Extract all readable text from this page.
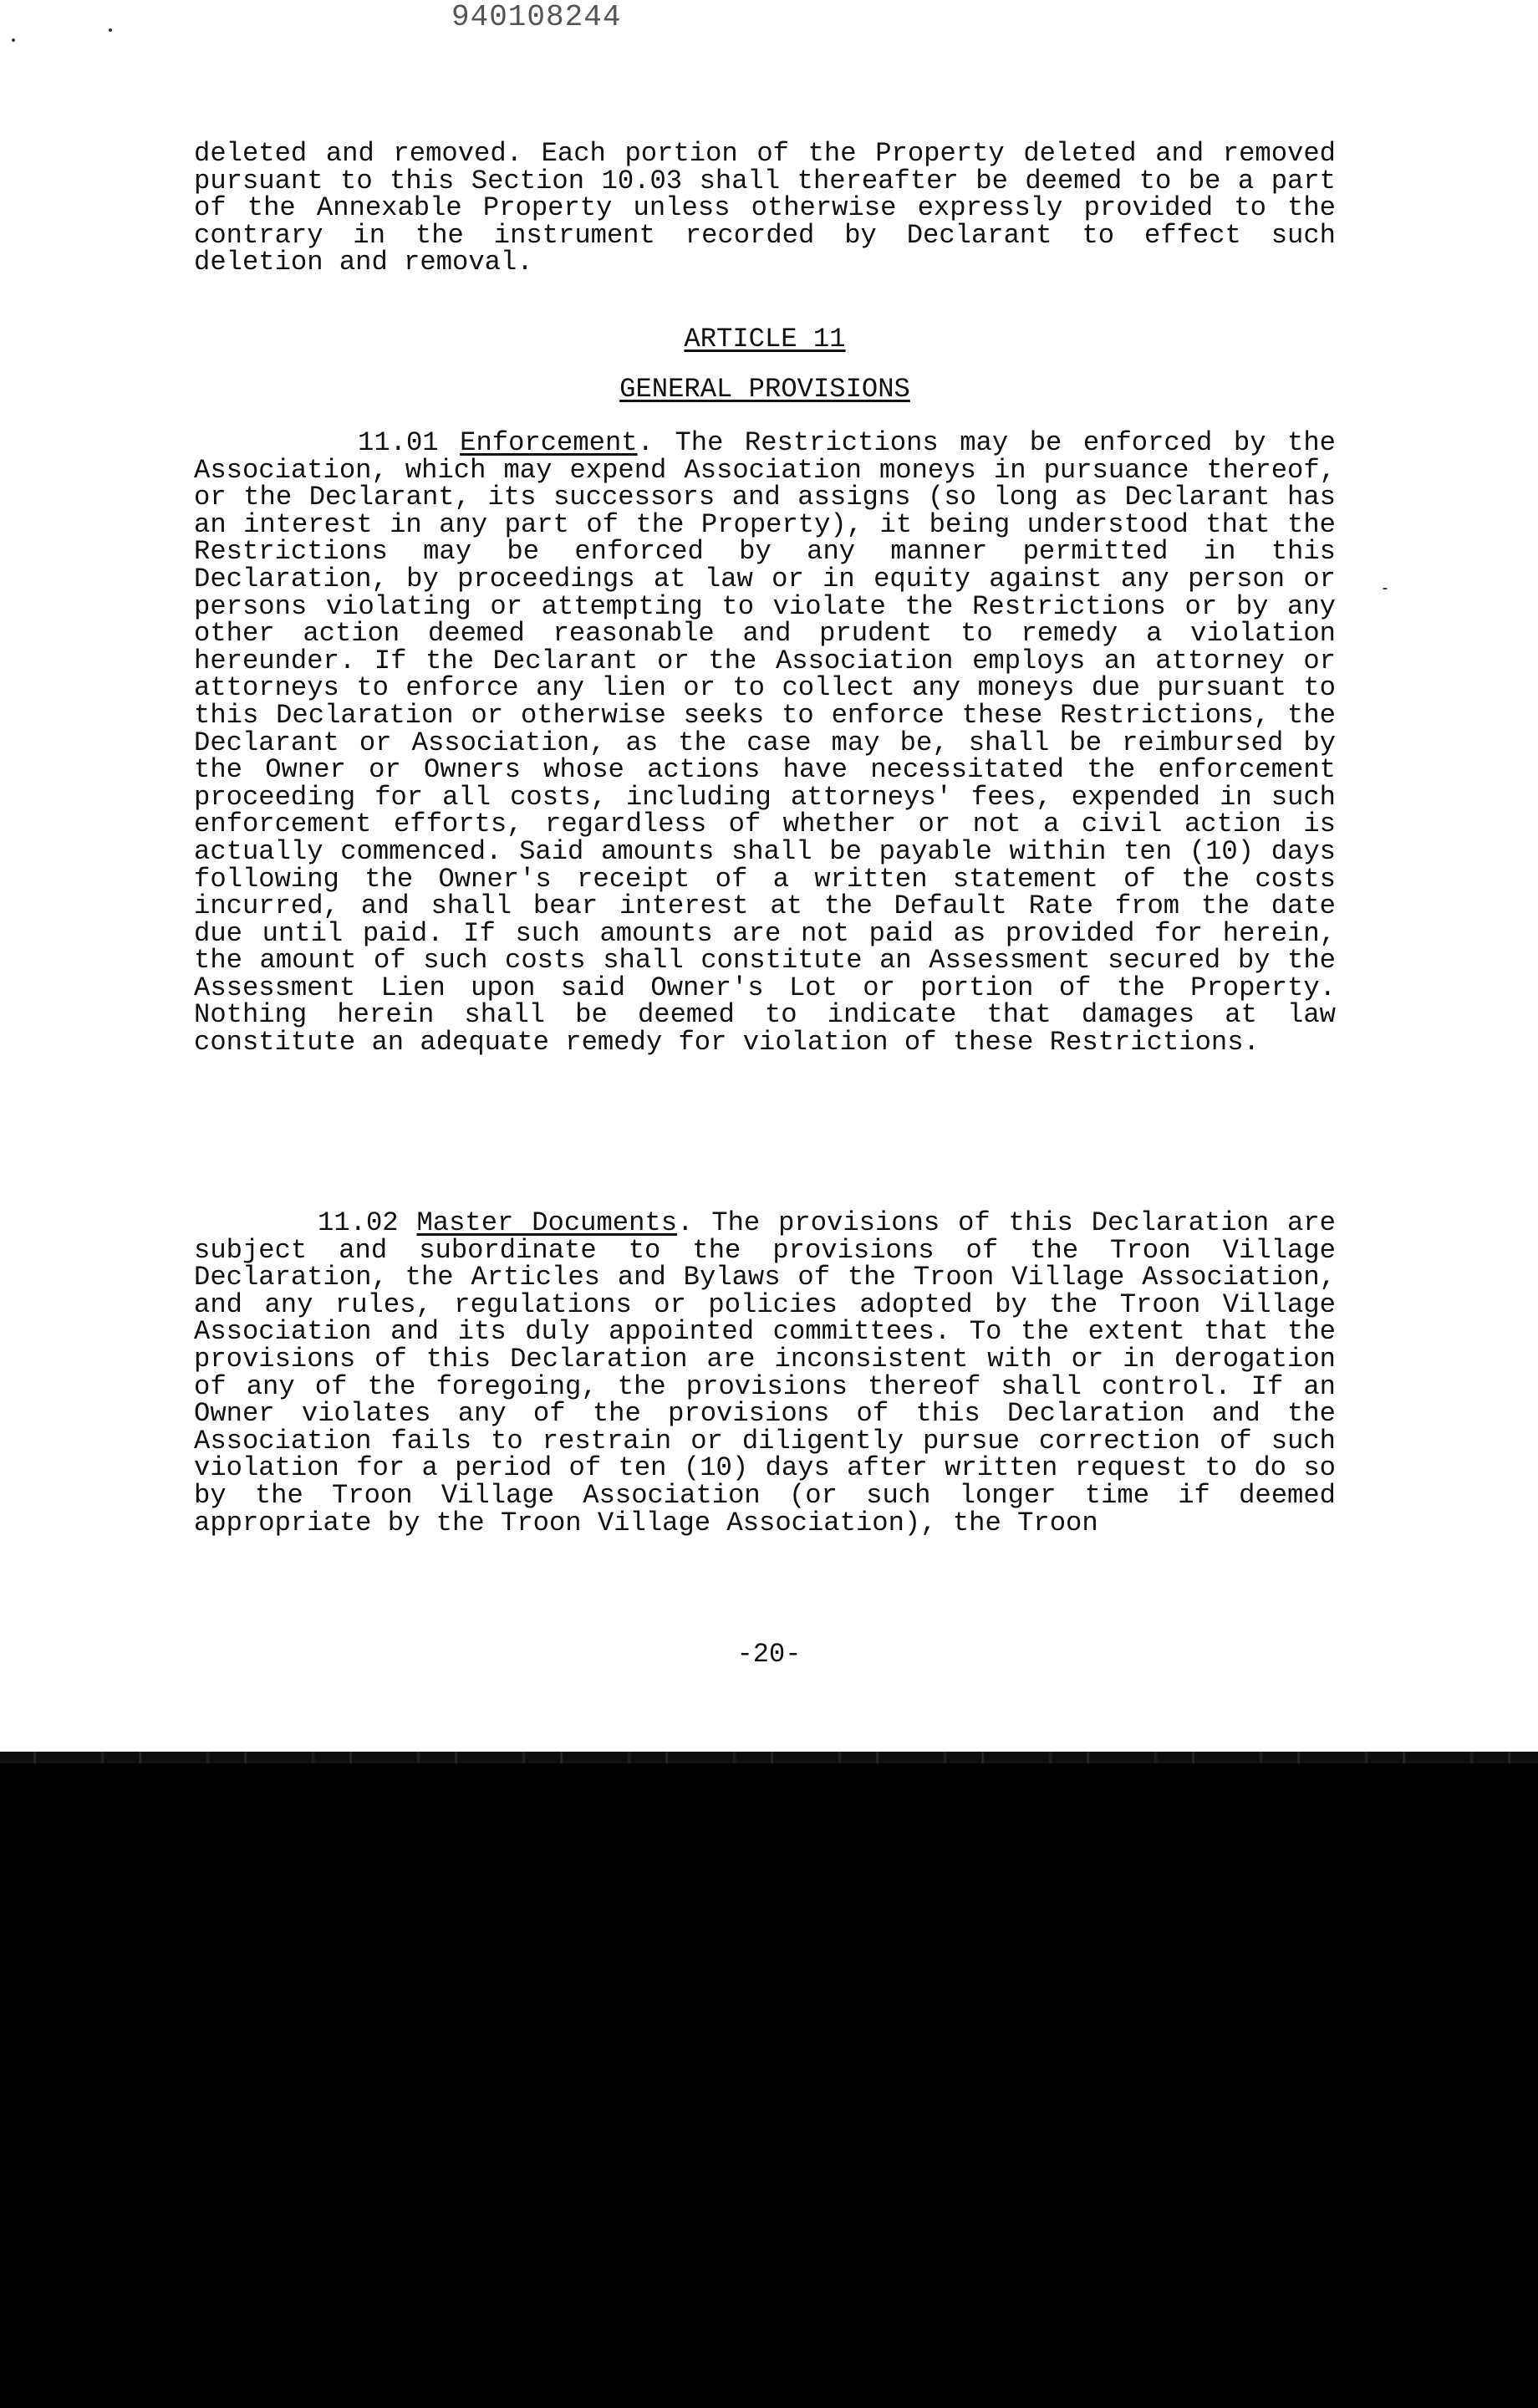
940108244

deleted and removed. Each portion of the Property deleted and removed pursuant to this Section 10.03 shall thereafter be deemed to be a part of the Annexable Property unless otherwise expressly provided to the contrary in the instrument recorded by Declarant to effect such deletion and removal.

ARTICLE 11

GENERAL PROVISIONS

11.01 Enforcement. The Restrictions may be enforced by the Association, which may expend Association moneys in pursuance thereof, or the Declarant, its successors and assigns (so long as Declarant has an interest in any part of the Property), it being understood that the Restrictions may be enforced by any manner permitted in this Declaration, by proceedings at law or in equity against any person or persons violating or attempting to violate the Restrictions or by any other action deemed reasonable and prudent to remedy a violation hereunder. If the Declarant or the Association employs an attorney or attorneys to enforce any lien or to collect any moneys due pursuant to this Declaration or otherwise seeks to enforce these Restrictions, the Declarant or Association, as the case may be, shall be reimbursed by the Owner or Owners whose actions have necessitated the enforcement proceeding for all costs, including attorneys' fees, expended in such enforcement efforts, regardless of whether or not a civil action is actually commenced. Said amounts shall be payable within ten (10) days following the Owner's receipt of a written statement of the costs incurred, and shall bear interest at the Default Rate from the date due until paid. If such amounts are not paid as provided for herein, the amount of such costs shall constitute an Assessment secured by the Assessment Lien upon said Owner's Lot or portion of the Property. Nothing herein shall be deemed to indicate that damages at law constitute an adequate remedy for violation of these Restrictions.

11.02 Master Documents. The provisions of this Declaration are subject and subordinate to the provisions of the Troon Village Declaration, the Articles and Bylaws of the Troon Village Association, and any rules, regulations or policies adopted by the Troon Village Association and its duly appointed committees. To the extent that the provisions of this Declaration are inconsistent with or in derogation of any of the foregoing, the provisions thereof shall control. If an Owner violates any of the provisions of this Declaration and the Association fails to restrain or diligently pursue correction of such violation for a period of ten (10) days after written request to do so by the Troon Village Association (or such longer time if deemed appropriate by the Troon Village Association), the Troon

-20-
